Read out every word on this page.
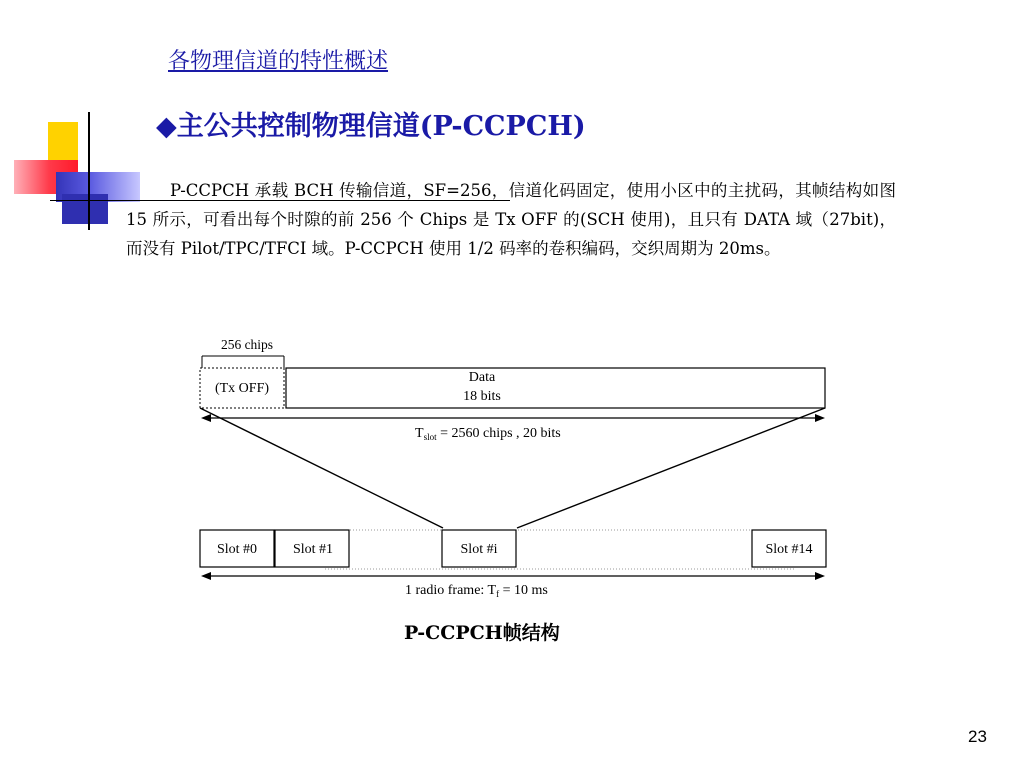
各物理信道的特性概述
◆主公共控制物理信道(P-CCPCH)
P-CCPCH 承载 BCH 传输信道，SF=256，信道化码固定，使用小区中的主扰码，其帧结构如图 15 所示，可看出每个时隙的前 256 个 Chips 是 Tx OFF 的(SCH 使用)，且只有 DATA 域（27bit)，而没有 Pilot/TPC/TFCI 域。P-CCPCH 使用 1/2 码率的卷积编码，交织周期为 20ms。
256 chips
(Tx OFF)
Data
18 bits
$T_{slot} = 2560$ chips , 20 bits
Slot #0	Slot #1	Slot #i	Slot #14
1 radio frame: $T_f = 10$ ms
P-CCPCH帧结构
23
